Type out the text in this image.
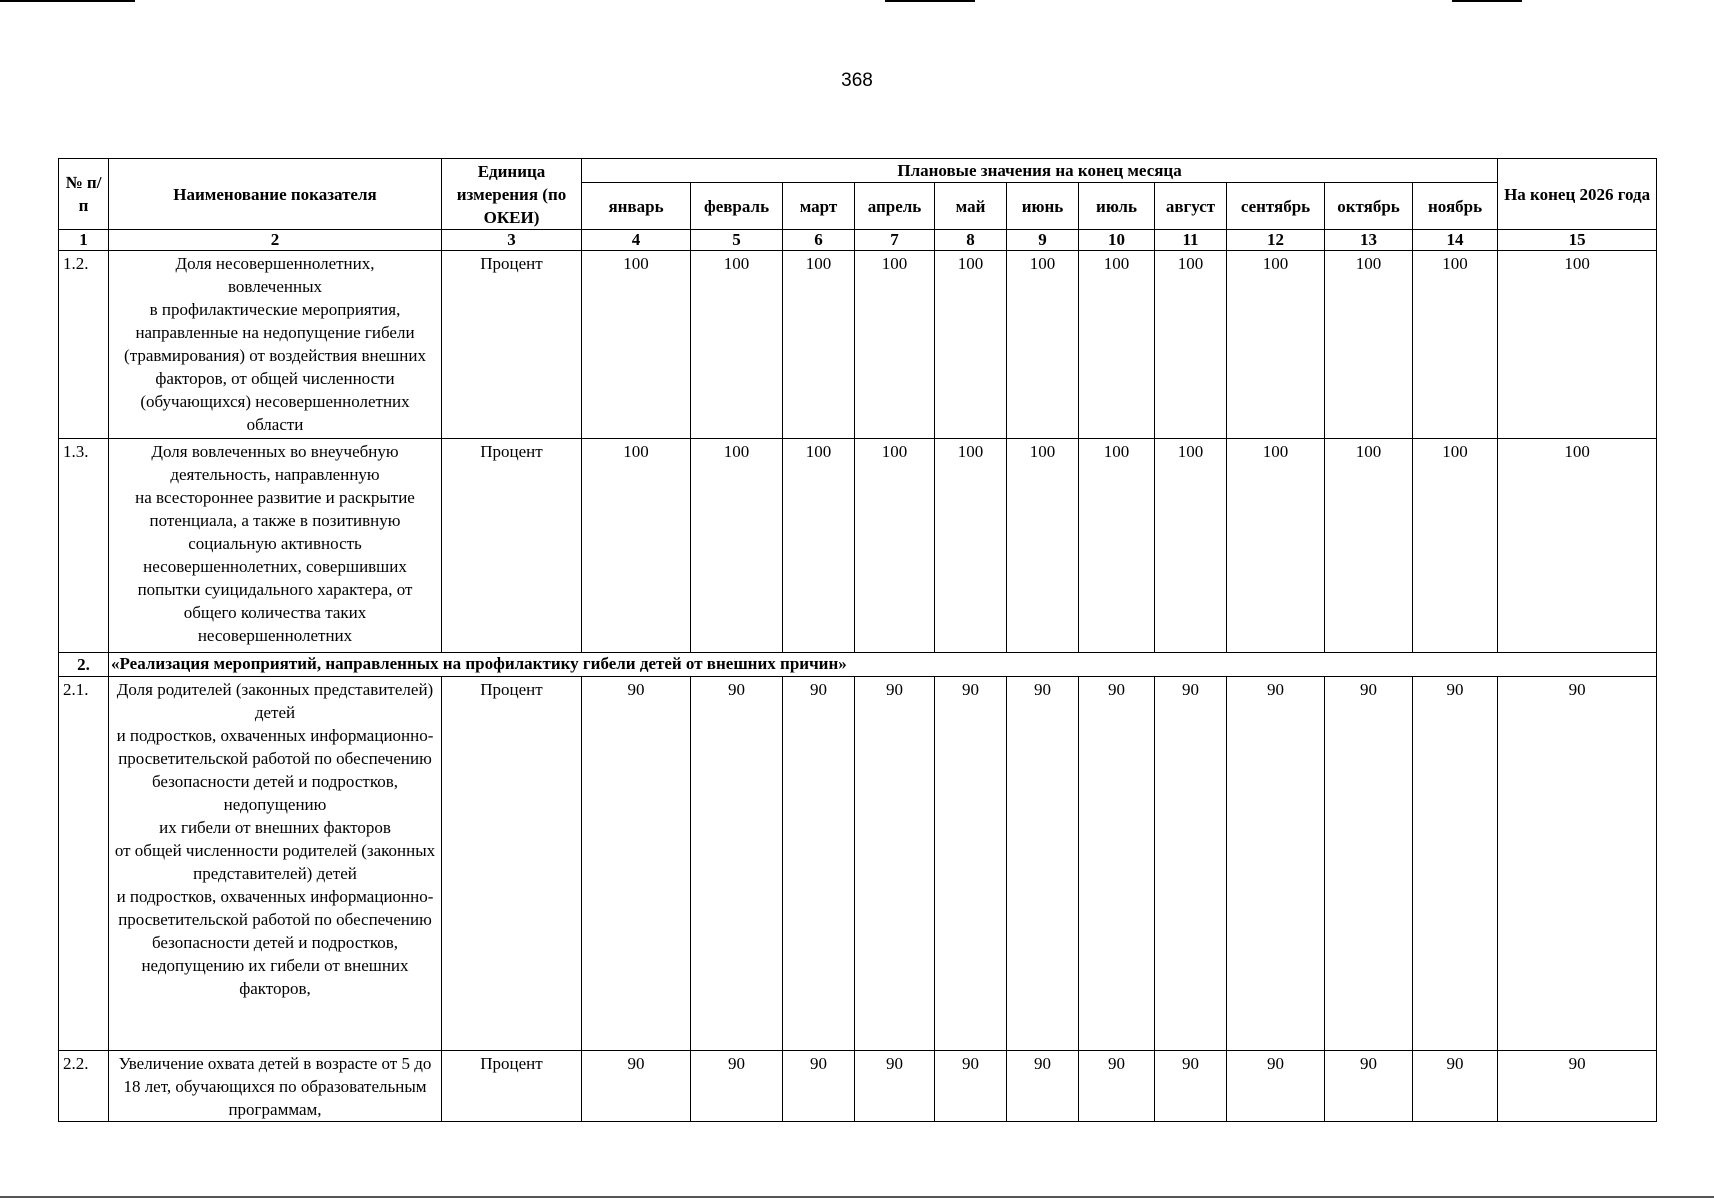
368
№ п/п	Наименование показателя	Единица измерения (по ОКЕИ)	Плановые значения на конец месяца											На конец 2026 года
			январь	февраль	март	апрель	май	июнь	июль	август	сентябрь	октябрь	ноябрь	
1	2	3	4	5	6	7	8	9	10	11	12	13	14	15
1.2.	Доля несовершеннолетних,
вовлеченных
в профилактические мероприятия, направленные на недопущение гибели (травмирования) от воздействия внешних факторов, от общей численности (обучающихся) несовершеннолетних области	Процент	100	100	100	100	100	100	100	100	100	100	100	100
1.3.	Доля вовлеченных во внеучебную деятельность, направленную
на всестороннее развитие и раскрытие потенциала, а также в позитивную социальную активность несовершеннолетних, совершивших попытки суицидального характера, от общего количества таких несовершеннолетних	Процент	100	100	100	100	100	100	100	100	100	100	100	100
2.	«Реализация мероприятий, направленных на профилактику гибели детей от внешних причин»													
2.1.	Доля родителей (законных представителей) детей
и подростков, охваченных информационно-просветительской работой по обеспечению безопасности детей и подростков, недопущению
их гибели от внешних факторов
от общей численности родителей (законных представителей) детей
и подростков, охваченных информационно-просветительской работой по обеспечению безопасности детей и подростков, недопущению их гибели от внешних факторов,	Процент	90	90	90	90	90	90	90	90	90	90	90	90
2.2.	Увеличение охвата детей в возрасте от 5 до 18 лет, обучающихся по образовательным программам,	Процент	90	90	90	90	90	90	90	90	90	90	90	90
